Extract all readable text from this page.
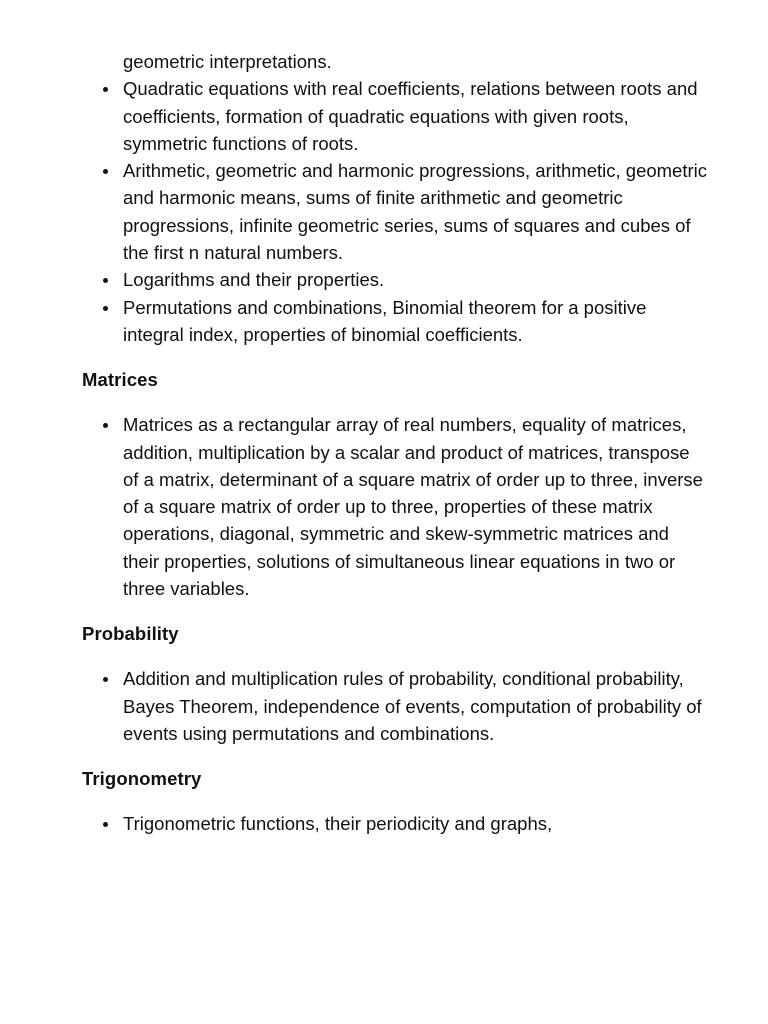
geometric interpretations.

Quadratic equations with real coefficients, relations between roots and coefficients, formation of quadratic equations with given roots, symmetric functions of roots.
Arithmetic, geometric and harmonic progressions, arithmetic, geometric and harmonic means, sums of finite arithmetic and geometric progressions, infinite geometric series, sums of squares and cubes of the first n natural numbers.
Logarithms and their properties.
Permutations and combinations, Binomial theorem for a positive integral index, properties of binomial coefficients.
Matrices
Matrices as a rectangular array of real numbers, equality of matrices, addition, multiplication by a scalar and product of matrices, transpose of a matrix, determinant of a square matrix of order up to three, inverse of a square matrix of order up to three, properties of these matrix operations, diagonal, symmetric and skew-symmetric matrices and their properties, solutions of simultaneous linear equations in two or three variables.
Probability
Addition and multiplication rules of probability, conditional probability, Bayes Theorem, independence of events, computation of probability of events using permutations and combinations.
Trigonometry
Trigonometric functions, their periodicity and graphs,
